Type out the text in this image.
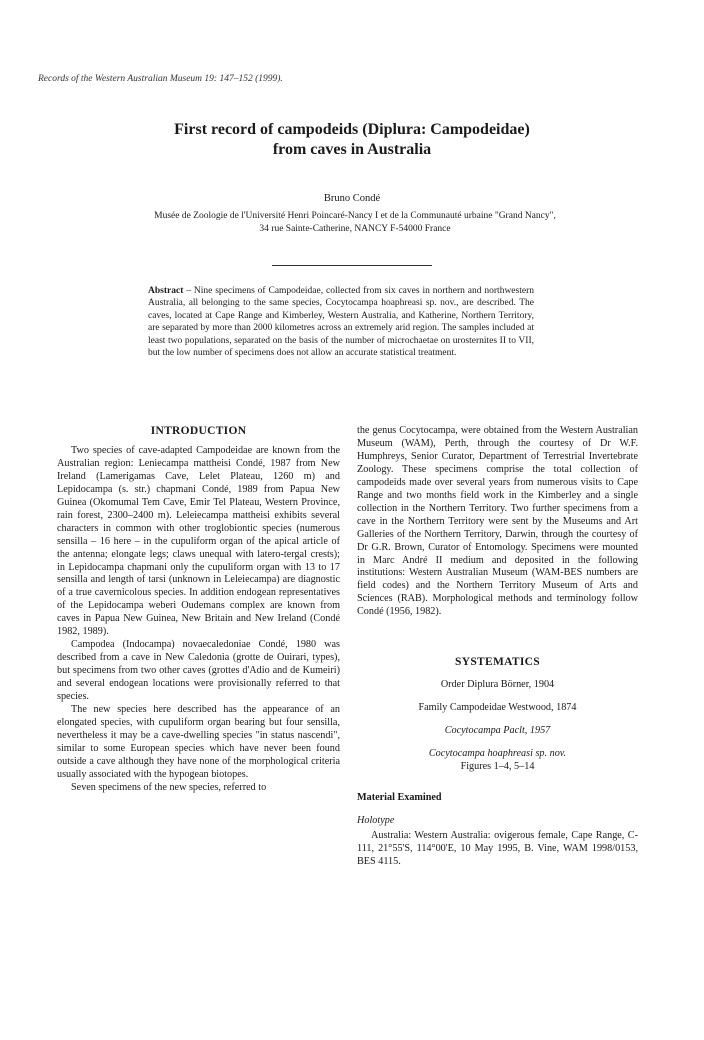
Records of the Western Australian Museum 19: 147–152 (1999).
First record of campodeids (Diplura: Campodeidae)
from caves in Australia
Bruno Condé
Musée de Zoologie de l'Université Henri Poincaré-Nancy I et de la Communauté urbaine "Grand Nancy",
34 rue Sainte-Catherine, NANCY F-54000 France
Abstract – Nine specimens of Campodeidae, collected from six caves in northern and northwestern Australia, all belonging to the same species, Cocytocampa hoaphreasi sp. nov., are described. The caves, located at Cape Range and Kimberley, Western Australia, and Katherine, Northern Territory, are separated by more than 2000 kilometres across an extremely arid region. The samples included at least two populations, separated on the basis of the number of microchaetae on urosternites II to VII, but the low number of specimens does not allow an accurate statistical treatment.
INTRODUCTION

Two species of cave-adapted Campodeidae are known from the Australian region: Leniecampa mattheisi Condé, 1987 from New Ireland (Lamerigamas Cave, Lelet Plateau, 1260 m) and Lepidocampa (s. str.) chapmani Condé, 1989 from Papua New Guinea (Okomumal Tem Cave, Emir Tel Plateau, Western Province, rain forest, 2300–2400 m). Leleiecampa mattheisi exhibits several characters in common with other troglobiontic species (numerous sensilla – 16 here – in the cupuliform organ of the apical article of the antenna; elongate legs; claws unequal with latero-tergal crests); in Lepidocampa chapmani only the cupuliform organ with 13 to 17 sensilla and length of tarsi (unknown in Leleiecampa) are diagnostic of a true cavernicolous species. In addition endogean representatives of the Lepidocampa weberi Oudemans complex are known from caves in Papua New Guinea, New Britain and New Ireland (Condé 1982, 1989).

Campodea (Indocampa) novaecaledoniae Condé, 1980 was described from a cave in New Caledonia (grotte de Ouirari, types), but specimens from two other caves (grottes d'Adio and de Kumeiri) and several endogean locations were provisionally referred to that species.

The new species here described has the appearance of an elongated species, with cupuliform organ bearing but four sensilla, nevertheless it may be a cave-dwelling species "in status nascendi", similar to some European species which have never been found outside a cave although they have none of the morphological criteria usually associated with the hypogean biotopes.

Seven specimens of the new species, referred to

the genus Cocytocampa, were obtained from the Western Australian Museum (WAM), Perth, through the courtesy of Dr W.F. Humphreys, Senior Curator, Department of Terrestrial Invertebrate Zoology. These specimens comprise the total collection of campodeids made over several years from numerous visits to Cape Range and two months field work in the Kimberley and a single collection in the Northern Territory. Two further specimens from a cave in the Northern Territory were sent by the Museums and Art Galleries of the Northern Territory, Darwin, through the courtesy of Dr G.R. Brown, Curator of Entomology. Specimens were mounted in Marc André II medium and deposited in the following institutions: Western Australian Museum (WAM-BES numbers are field codes) and the Northern Territory Museum of Arts and Sciences (RAB). Morphological methods and terminology follow Condé (1956, 1982).

SYSTEMATICS
Order Diplura Börner, 1904
Family Campodeidae Westwood, 1874
Cocytocampa Paclt, 1957
Cocytocampa hoaphreasi sp. nov.
Figures 1–4, 5–14
Material Examined
Holotype

Australia: Western Australia: ovigerous female, Cape Range, C-111, 21°55'S, 114°00'E, 10 May 1995, B. Vine, WAM 1998/0153, BES 4115.
